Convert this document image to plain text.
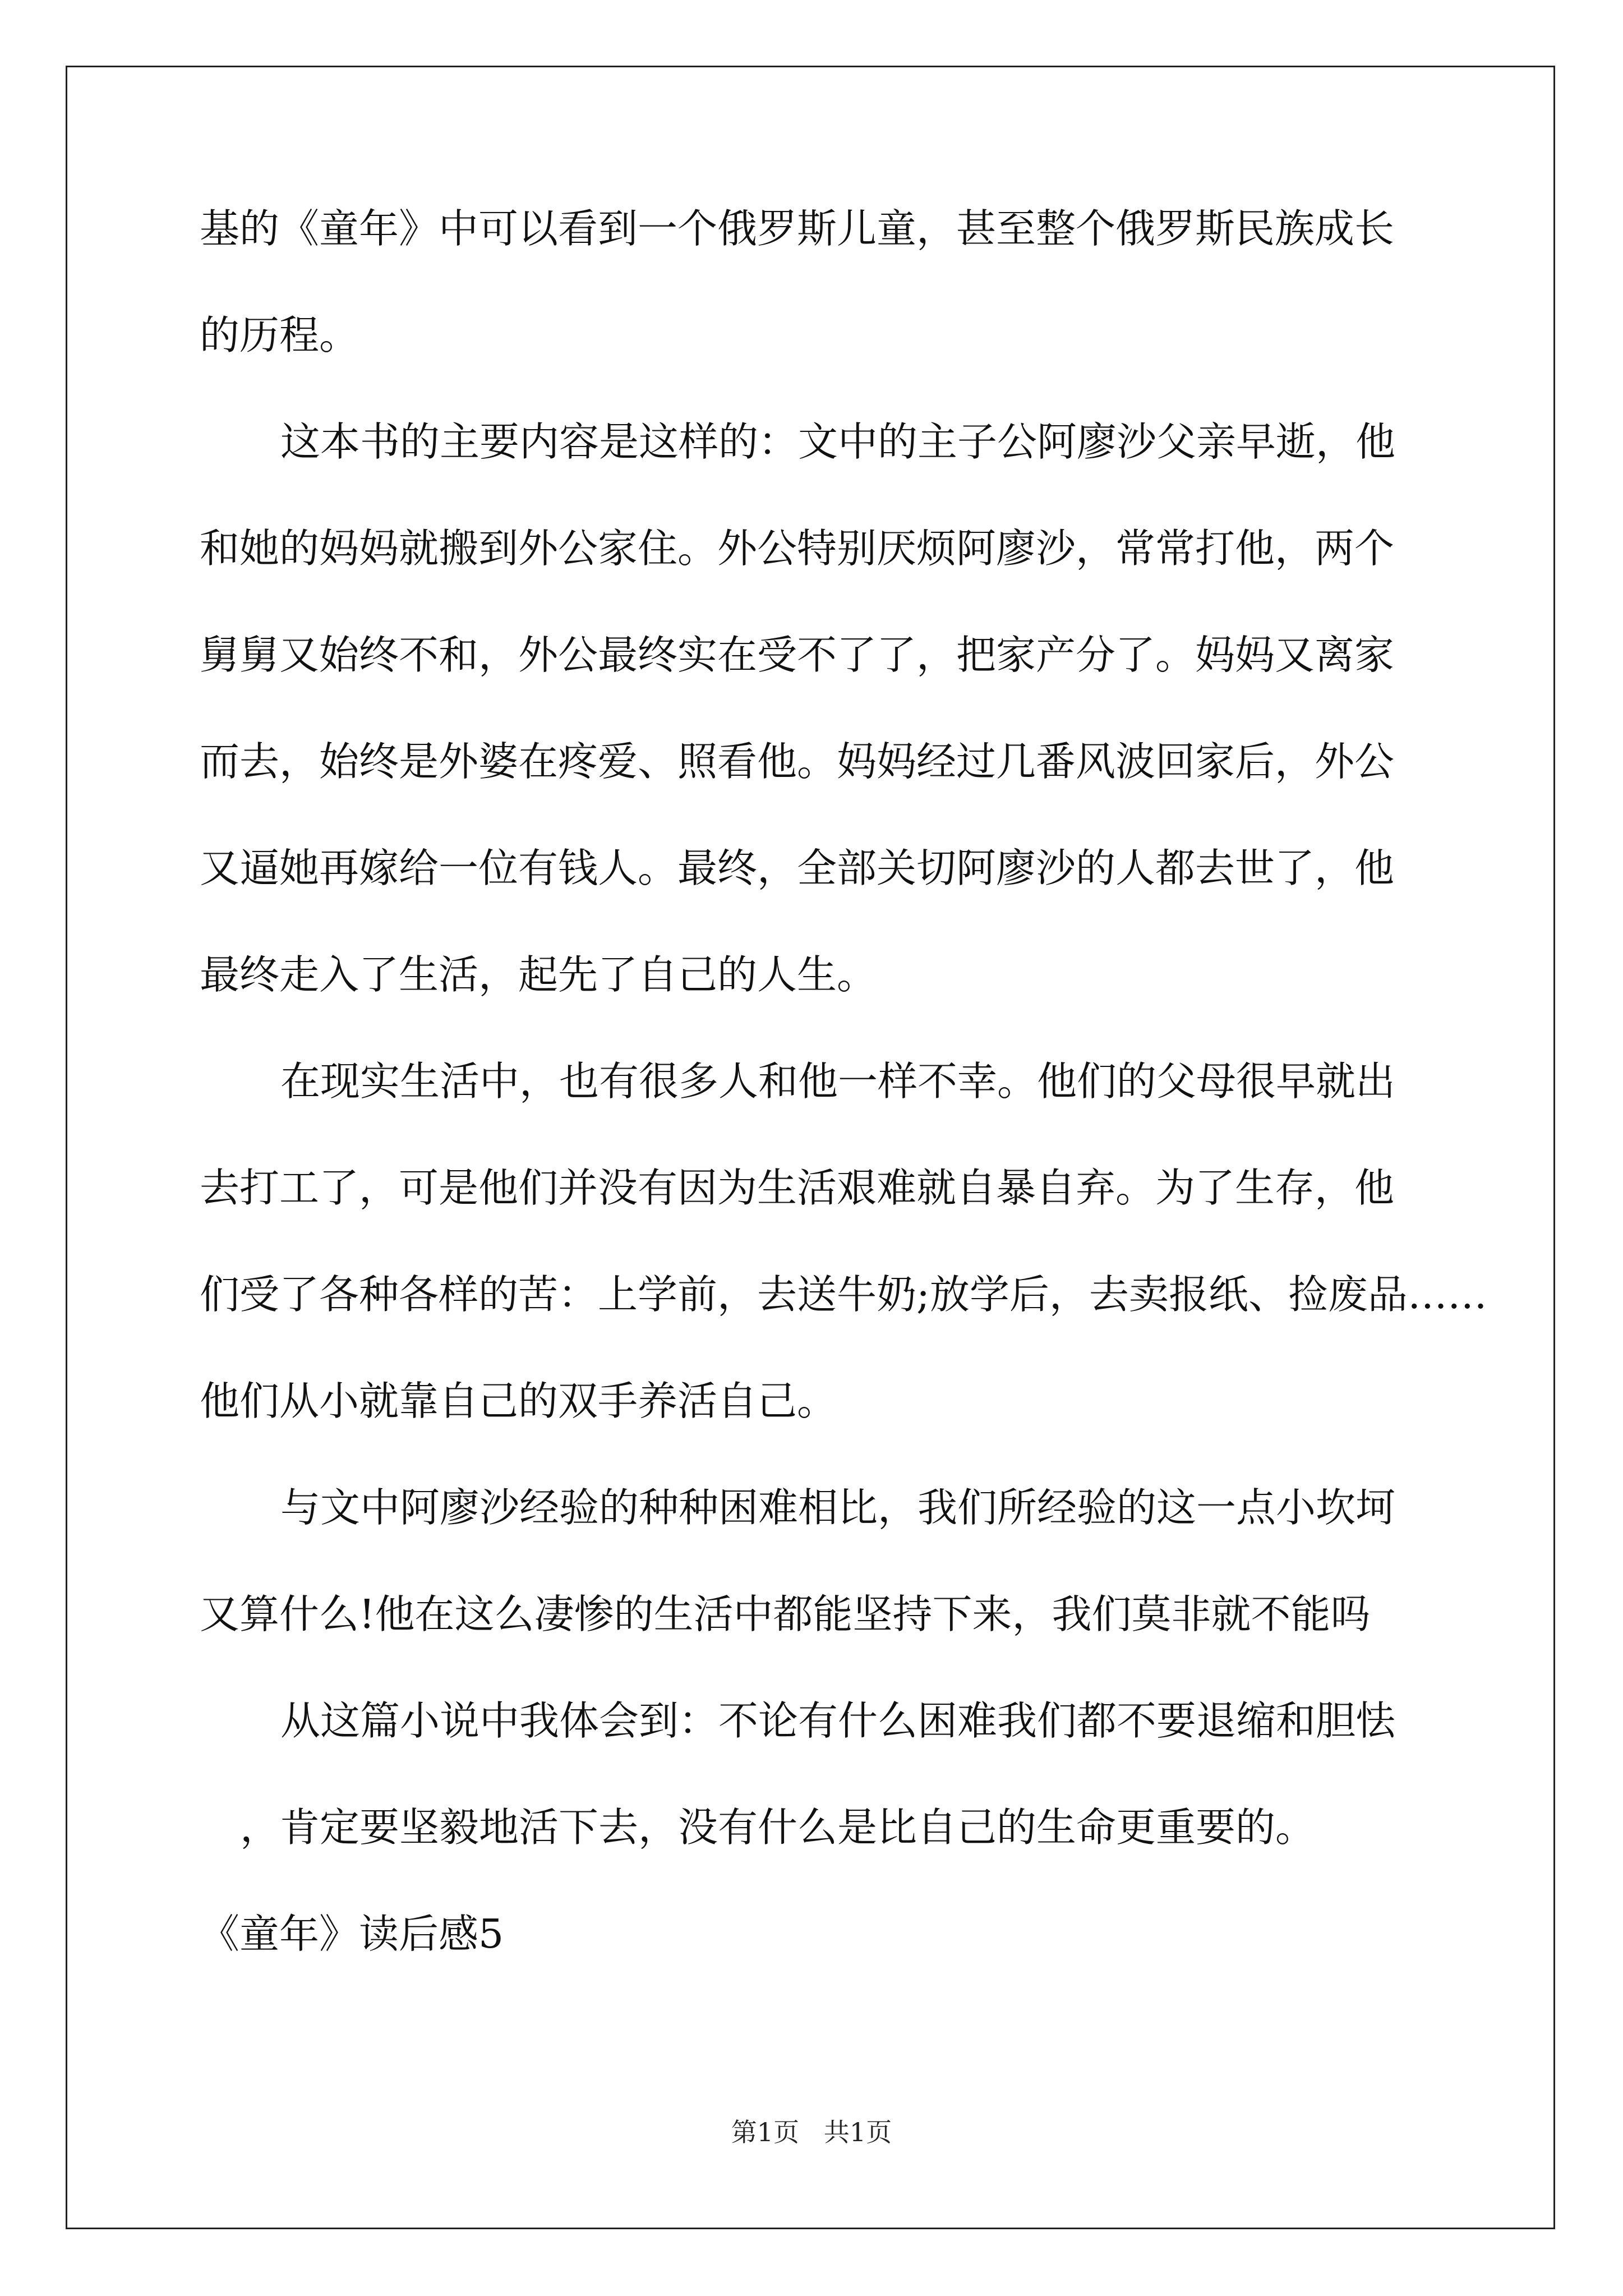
基的《童年》中可以看到一个俄罗斯儿童，甚至整个俄罗斯民族成长
的历程。
这本书的主要内容是这样的：文中的主子公阿廖沙父亲早逝，他
和她的妈妈就搬到外公家住。外公特别厌烦阿廖沙，常常打他，两个
舅舅又始终不和，外公最终实在受不了了，把家产分了。妈妈又离家
而去，始终是外婆在疼爱、照看他。妈妈经过几番风波回家后，外公
又逼她再嫁给一位有钱人。最终，全部关切阿廖沙的人都去世了，他
最终走入了生活，起先了自己的人生。
在现实生活中，也有很多人和他一样不幸。他们的父母很早就出
去打工了，可是他们并没有因为生活艰难就自暴自弃。为了生存，他
们受了各种各样的苦：上学前，去送牛奶;放学后，去卖报纸、捡废品……
他们从小就靠自己的双手养活自己。
与文中阿廖沙经验的种种困难相比，我们所经验的这一点小坎坷
又算什么!他在这么凄惨的生活中都能坚持下来，我们莫非就不能吗
从这篇小说中我体会到：不论有什么困难我们都不要退缩和胆怯
，肯定要坚毅地活下去，没有什么是比自己的生命更重要的。
《童年》读后感5
第1页   共1页
